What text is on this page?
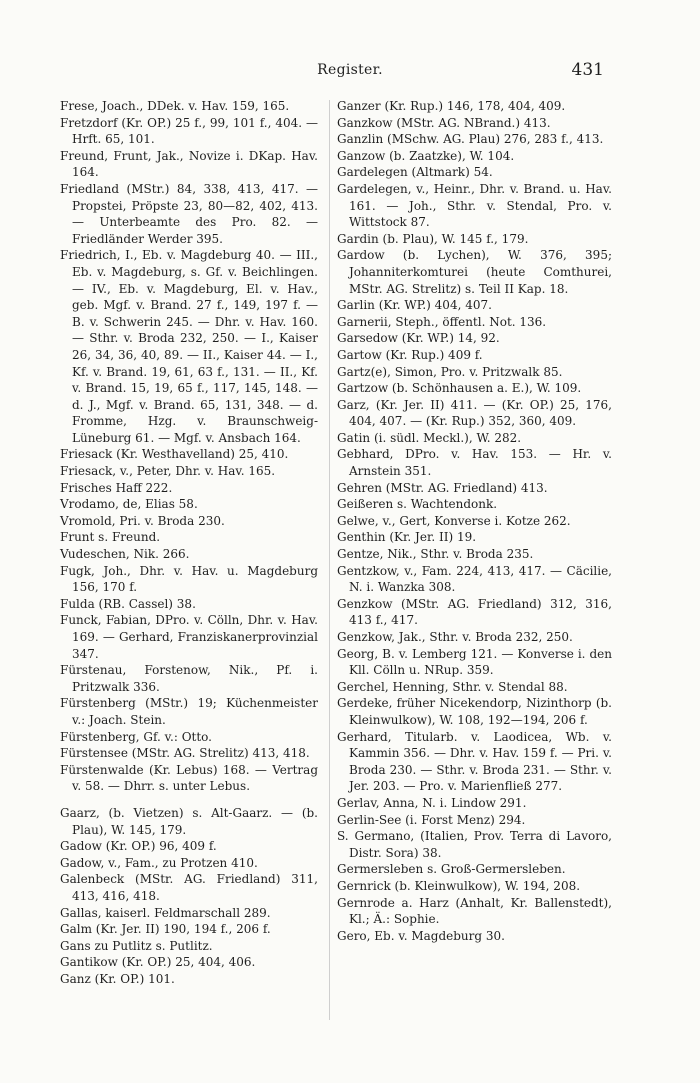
Register.	431

Frese, Joach., DDek. v. Hav. 159, 165.

Fretzdorf (Kr. OP.) 25 f., 99, 101 f., 404. — Hrft. 65, 101.

Freund, Frunt, Jak., Novize i. DKap. Hav. 164.

Friedland (MStr.) 84, 338, 413, 417. — Propstei, Pröpste 23, 80—82, 402, 413. — Unterbeamte des Pro. 82. — Friedländer Werder 395.

Friedrich, I., Eb. v. Magdeburg 40. — III., Eb. v. Magdeburg, s. Gf. v. Beichlingen. — IV., Eb. v. Magdeburg, El. v. Hav., geb. Mgf. v. Brand. 27 f., 149, 197 f. — B. v. Schwerin 245. — Dhr. v. Hav. 160. — Sthr. v. Broda 232, 250. — I., Kaiser 26, 34, 36, 40, 89. — II., Kaiser 44. — I., Kf. v. Brand. 19, 61, 63 f., 131. — II., Kf. v. Brand. 15, 19, 65 f., 117, 145, 148. — d. J., Mgf. v. Brand. 65, 131, 348. — d. Fromme, Hzg. v. Braunschweig-Lüneburg 61. — Mgf. v. Ansbach 164.

Friesack (Kr. Westhavelland) 25, 410.

Friesack, v., Peter, Dhr. v. Hav. 165.

Frisches Haff 222.

Vrodamo, de, Elias 58.

Vromold, Pri. v. Broda 230.

Frunt s. Freund.

Vudeschen, Nik. 266.

Fugk, Joh., Dhr. v. Hav. u. Magdeburg 156, 170 f.

Fulda (RB. Cassel) 38.

Funck, Fabian, DPro. v. Cölln, Dhr. v. Hav. 169. — Gerhard, Franziskanerprovinzial 347.

Fürstenau, Forstenow, Nik., Pf. i. Pritzwalk 336.

Fürstenberg (MStr.) 19; Küchenmeister v.: Joach. Stein.

Fürstenberg, Gf. v.: Otto.

Fürstensee (MStr. AG. Strelitz) 413, 418.

Fürstenwalde (Kr. Lebus) 168. — Vertrag v. 58. — Dhrr. s. unter Lebus.

Gaarz, (b. Vietzen) s. Alt-Gaarz. — (b. Plau), W. 145, 179.

Gadow (Kr. OP.) 96, 409 f.

Gadow, v., Fam., zu Protzen 410.

Galenbeck (MStr. AG. Friedland) 311, 413, 416, 418.

Gallas, kaiserl. Feldmarschall 289.

Galm (Kr. Jer. II) 190, 194 f., 206 f.

Gans zu Putlitz s. Putlitz.

Gantikow (Kr. OP.) 25, 404, 406.

Ganz (Kr. OP.) 101.

Ganzer (Kr. Rup.) 146, 178, 404, 409.

Ganzkow (MStr. AG. NBrand.) 413.

Ganzlin (MSchw. AG. Plau) 276, 283 f., 413.

Ganzow (b. Zaatzke), W. 104.

Gardelegen (Altmark) 54.

Gardelegen, v., Heinr., Dhr. v. Brand. u. Hav. 161. — Joh., Sthr. v. Stendal, Pro. v. Wittstock 87.

Gardin (b. Plau), W. 145 f., 179.

Gardow (b. Lychen), W. 376, 395; Johanniterkomturei (heute Comthurei, MStr. AG. Strelitz) s. Teil II Kap. 18.

Garlin (Kr. WP.) 404, 407.

Garnerii, Steph., öffentl. Not. 136.

Garsedow (Kr. WP.) 14, 92.

Gartow (Kr. Rup.) 409 f.

Gartz(e), Simon, Pro. v. Pritzwalk 85.

Gartzow (b. Schönhausen a. E.), W. 109.

Garz, (Kr. Jer. II) 411. — (Kr. OP.) 25, 176, 404, 407. — (Kr. Rup.) 352, 360, 409.

Gatin (i. südl. Meckl.), W. 282.

Gebhard, DPro. v. Hav. 153. — Hr. v. Arnstein 351.

Gehren (MStr. AG. Friedland) 413.

Geißeren s. Wachtendonk.

Gelwe, v., Gert, Konverse i. Kotze 262.

Genthin (Kr. Jer. II) 19.

Gentze, Nik., Sthr. v. Broda 235.

Gentzkow, v., Fam. 224, 413, 417. — Cäcilie, N. i. Wanzka 308.

Genzkow (MStr. AG. Friedland) 312, 316, 413 f., 417.

Genzkow, Jak., Sthr. v. Broda 232, 250.

Georg, B. v. Lemberg 121. — Konverse i. den Kll. Cölln u. NRup. 359.

Gerchel, Henning, Sthr. v. Stendal 88.

Gerdeke, früher Nicekendorp, Nizinthorp (b. Kleinwulkow), W. 108, 192—194, 206 f.

Gerhard, Titularb. v. Laodicea, Wb. v. Kammin 356. — Dhr. v. Hav. 159 f. — Pri. v. Broda 230. — Sthr. v. Broda 231. — Sthr. v. Jer. 203. — Pro. v. Marienfließ 277.

Gerlav, Anna, N. i. Lindow 291.

Gerlin-See (i. Forst Menz) 294.

S. Germano, (Italien, Prov. Terra di Lavoro, Distr. Sora) 38.

Germersleben s. Groß-Germersleben.

Gernrick (b. Kleinwulkow), W. 194, 208.

Gernrode a. Harz (Anhalt, Kr. Ballenstedt), Kl.; Ä.: Sophie.

Gero, Eb. v. Magdeburg 30.
